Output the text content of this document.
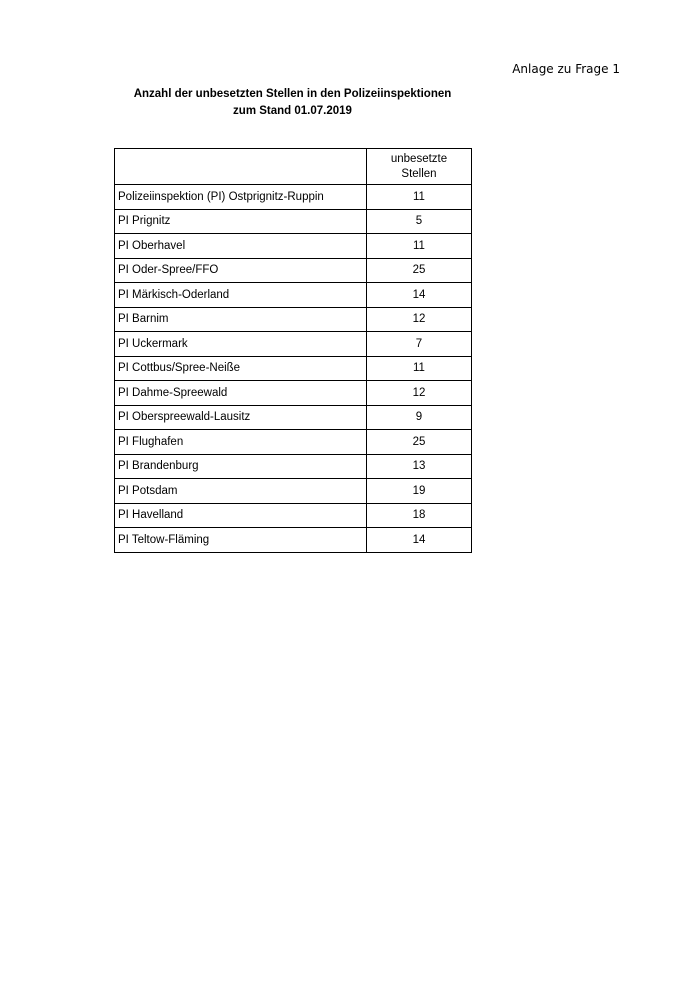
Anlage zu Frage 1
Anzahl der unbesetzten Stellen in den Polizeiinspektionen
zum Stand 01.07.2019

	unbesetzte
Stellen

Polizeiinspektion (PI) Ostprignitz-Ruppin	11
PI Prignitz	5
PI Oberhavel	11
PI Oder-Spree/FFO	25
PI Märkisch-Oderland	14
PI Barnim	12
PI Uckermark	7
PI Cottbus/Spree-Neiße	11
PI Dahme-Spreewald	12
PI Oberspreewald-Lausitz	9
PI Flughafen	25
PI Brandenburg	13
PI Potsdam	19
PI Havelland	18
PI Teltow-Fläming	14
